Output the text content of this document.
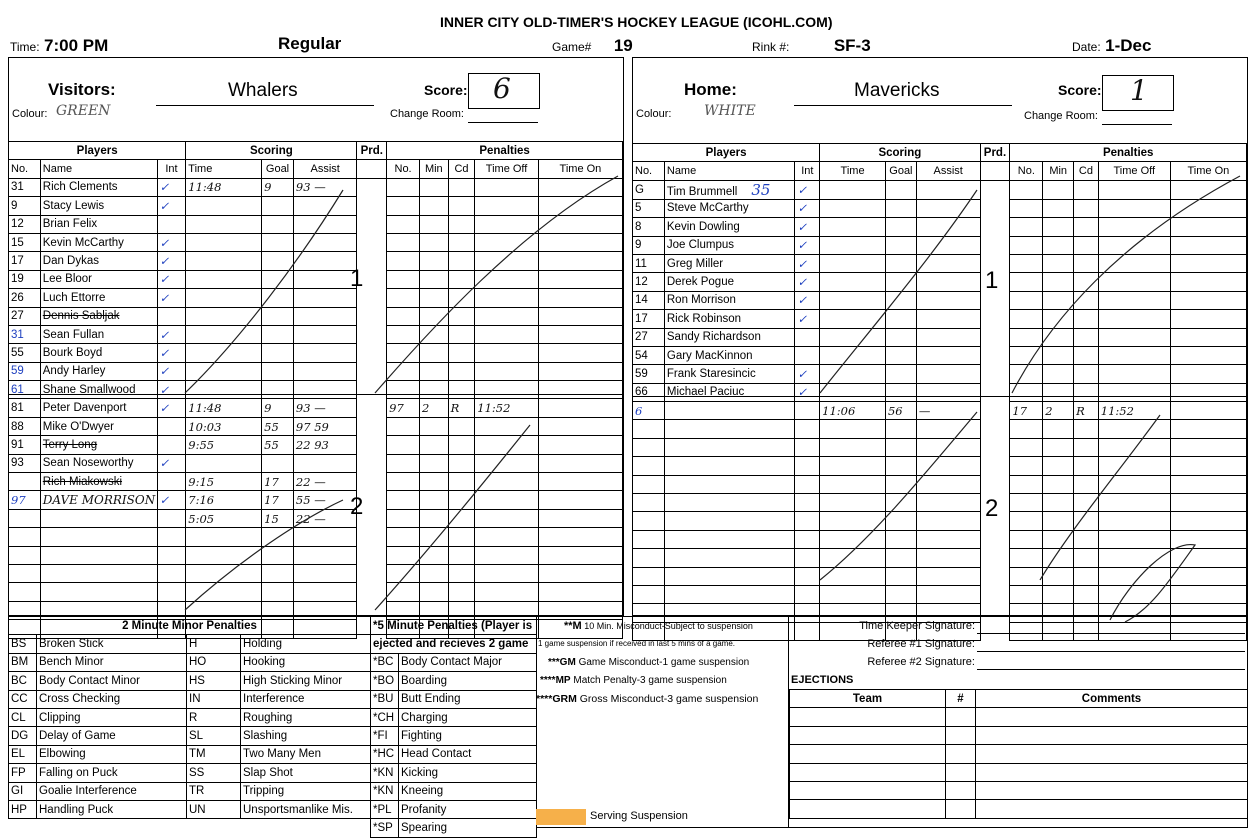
INNER CITY OLD-TIMER'S HOCKEY LEAGUE (ICOHL.COM)
Time: 7:00 PM	Regular	Game# 19	Rink #:	SF-3	Date: 1-Dec
Visitors:	Whalers	Score: 6
Colour: GREEN	Change Room:
Players			Scoring			Prd.	Penalties				
No.	Name	Int	Time	Goal	Assist		No.	Min	Cd	Time Off	Time On
31	Rich Clements	✓	11:48	9	93 —						
9	Stacy Lewis	✓									
12	Brian Felix										
15	Kevin McCarthy	✓									
17	Dan Dykas	✓									
19	Lee Bloor	✓									
26	Luch Ettorre	✓									
27	Dennis Sabljak										
31	Sean Fullan	✓									
55	Bourk Boyd	✓									
59	Andy Harley	✓									
61	Shane Smallwood	✓									
81	Peter Davenport	✓	11:48	9	93 —		97	2	R	11:52	
88	Mike O'Dwyer		10:03	55	97 59						
91	Terry Long		9:55	55	22 93						
93	Sean Noseworthy	✓									
	Rich Miakowski		9:15	17	22 —						
97	DAVE MORRISON	✓	7:16	17	55 —						
			5:05	15	22 —						

Home:	Mavericks	Score: 1
Colour: WHITE	Change Room:
Players			Scoring			Prd.	Penalties				
No.	Name	Int	Time	Goal	Assist		No.	Min	Cd	Time Off	Time On
G	Tim Brummell 35	✓									
5	Steve McCarthy	✓									
8	Kevin Dowling	✓									
9	Joe Clumpus	✓									
11	Greg Miller	✓									
12	Derek Pogue	✓									
14	Ron Morrison	✓									
17	Rick Robinson	✓									
27	Sandy Richardson										
54	Gary MacKinnon										
59	Frank Staresincic	✓									
66	Michael Paciuc	✓									
6			11:06	56	—		17	2	R	11:52	

1
2
1
2
2 Minute Minor Penalties			
BS	Broken Stick	H	Holding
BM	Bench Minor	HO	Hooking
BC	Body Contact Minor	HS	High Sticking Minor
CC	Cross Checking	IN	Interference
CL	Clipping	R	Roughing
DG	Delay of Game	SL	Slashing
EL	Elbowing	TM	Two Many Men
FP	Falling on Puck	SS	Slap Shot
GI	Goalie Interference	TR	Tripping
HP	Handling Puck	UN	Unsportsmanlike Mis.
*5 Minute Penalties (Player is	
ejected and recieves 2 game	
*BC	Body Contact Major
*BO	Boarding
*BU	Butt Ending
*CH	Charging
*FI	Fighting
*HC	Head Contact
*KN	Kicking
*KN	Kneeing
*PL	Profanity
*SP	Spearing
**M 10 Min. Misconduct-Subject to suspension
1 game suspension if received in last 5 mins of a game.
***GM Game Misconduct-1 game suspension
****MP Match Penalty-3 game suspension
****GRM Gross Misconduct-3 game suspension
Serving Suspension
Time Keeper Signature:
Referee #1 Signature:
Referee #2 Signature:
EJECTIONS
Team	#	Comments
